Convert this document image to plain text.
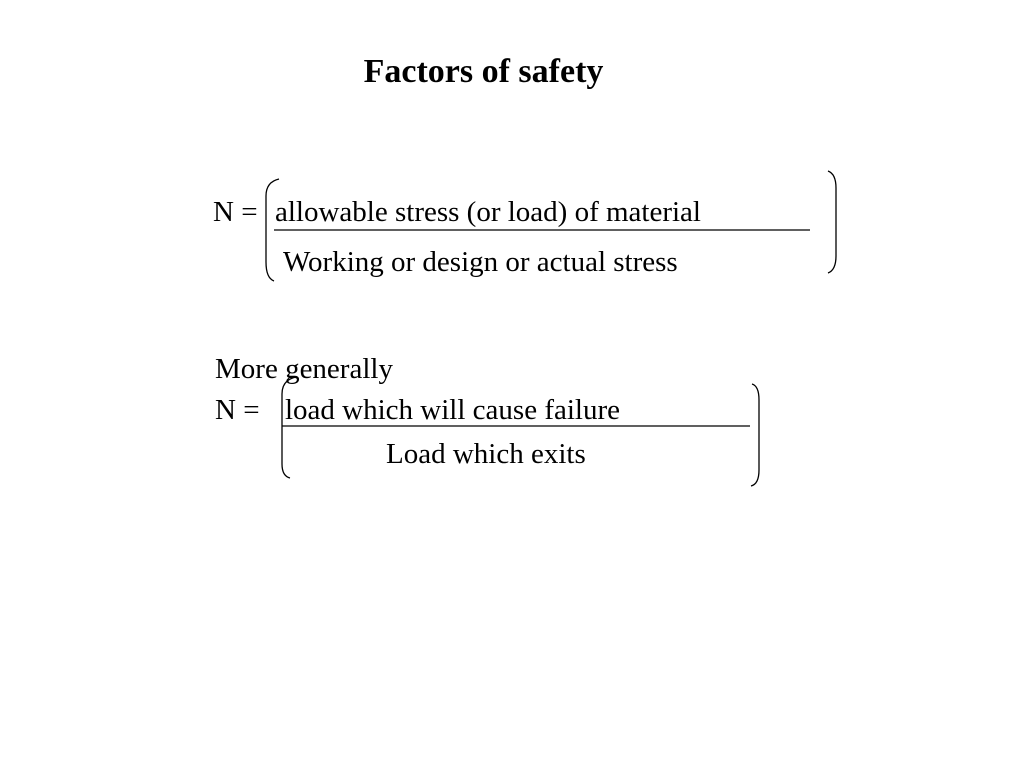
Factors of safety
N = allowable stress (or load) of material
Working or design or actual stress
More generally
N = load which will cause failure
Load which exits
